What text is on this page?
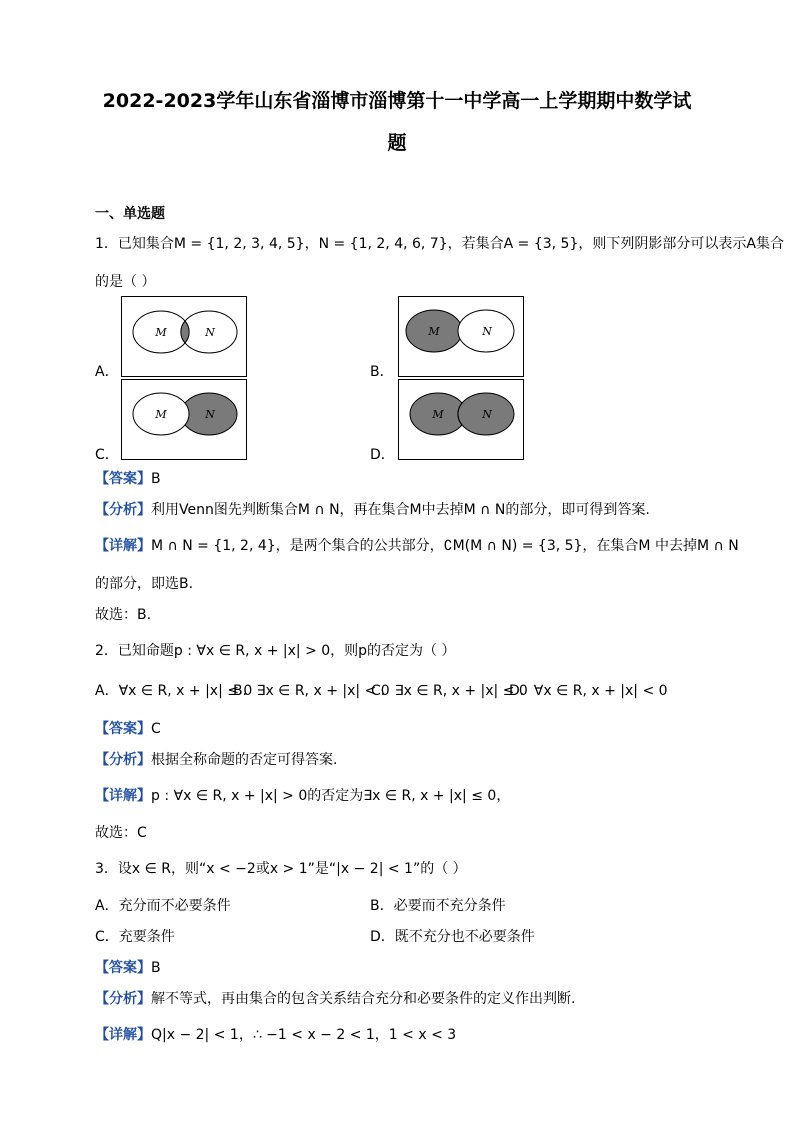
2022-2023学年山东省淄博市淄博第十一中学高一上学期期中数学试
题
一、单选题
1．已知集合M = {1, 2, 3, 4, 5}，N = {1, 2, 4, 6, 7}，若集合A = {3, 5}，则下列阴影部分可以表示A集合
的是（ ）
A．
M	N
B．
M	N
C．
M	N
D．
M	N
【答案】B
【分析】利用Venn图先判断集合M ∩ N，再在集合M中去掉M ∩ N的部分，即可得到答案.
【详解】M ∩ N = {1, 2, 4}，是两个集合的公共部分，∁M(M ∩ N) = {3, 5}，在集合M 中去掉M ∩ N
的部分，即选B.
故选：B.
2．已知命题p : ∀x ∈ R, x + |x| > 0，则p的否定为（ ）
A．∀x ∈ R, x + |x| ≤ 0
B．∃x ∈ R, x + |x| < 0
C．∃x ∈ R, x + |x| ≤ 0
D．∀x ∈ R, x + |x| < 0
【答案】C
【分析】根据全称命题的否定可得答案.
【详解】p : ∀x ∈ R, x + |x| > 0的否定为∃x ∈ R, x + |x| ≤ 0，
故选：C
3．设x ∈ R，则“x < −2或x > 1”是“|x − 2| < 1”的（ ）
A．充分而不必要条件	B．必要而不充分条件
C．充要条件	D．既不充分也不必要条件
【答案】B
【分析】解不等式，再由集合的包含关系结合充分和必要条件的定义作出判断.
【详解】Q|x − 2| < 1，∴ −1 < x − 2 < 1，1 < x < 3
